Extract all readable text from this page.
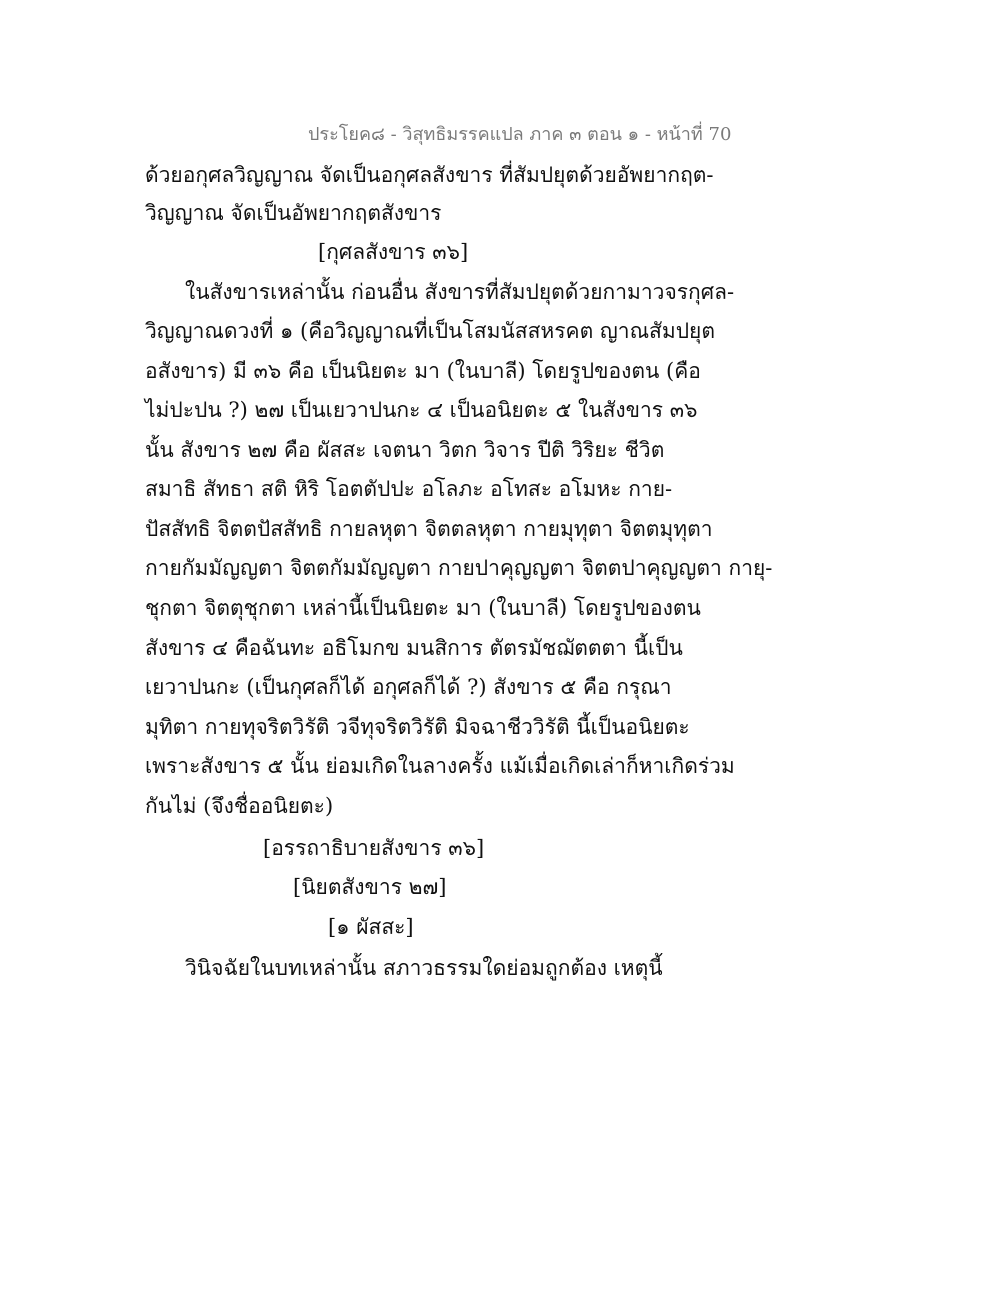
ประโยค๘ - วิสุทธิมรรคแปล ภาค ๓ ตอน ๑ - หน้าที่ 70
ด้วยอกุศลวิญญาณ จัดเป็นอกุศลสังขาร ที่สัมปยุตด้วยอัพยากฤต-
วิญญาณ จัดเป็นอัพยากฤตสังขาร
[กุศลสังขาร ๓๖]
ในสังขารเหล่านั้น ก่อนอื่น สังขารที่สัมปยุตด้วยกามาวจรกุศล-
วิญญาณดวงที่ ๑ (คือวิญญาณที่เป็นโสมนัสสหรคต ญาณสัมปยุต
อสังขาร) มี ๓๖ คือ เป็นนิยตะ มา (ในบาลี) โดยรูปของตน (คือ
ไม่ปะปน ?) ๒๗ เป็นเยวาปนกะ ๔ เป็นอนิยตะ ๕ ในสังขาร ๓๖
นั้น สังขาร ๒๗ คือ ผัสสะ เจตนา วิตก วิจาร ปีติ วิริยะ ชีวิต
สมาธิ สัทธา สติ หิริ โอตตัปปะ อโลภะ อโทสะ อโมหะ กาย-
ปัสสัทธิ จิตตปัสสัทธิ กายลหุตา จิตตลหุตา กายมุทุตา จิตตมุทุตา
กายกัมมัญญตา จิตตกัมมัญญตา กายปาคุญญตา จิตตปาคุญญตา กายุ-
ชุกตา จิตตุชุกตา เหล่านี้เป็นนิยตะ มา (ในบาลี) โดยรูปของตน
สังขาร ๔ คือฉันทะ อธิโมกข มนสิการ ตัตรมัชฌัตตตา นี้เป็น
เยวาปนกะ (เป็นกุศลก็ได้ อกุศลก็ได้ ?) สังขาร ๕ คือ กรุณา
มุทิตา กายทุจริตวิรัติ วจีทุจริตวิรัติ มิจฉาชีววิรัติ นี้เป็นอนิยตะ
เพราะสังขาร ๕ นั้น ย่อมเกิดในลางครั้ง แม้เมื่อเกิดเล่าก็หาเกิดร่วม
กันไม่ (จึงชื่ออนิยตะ)
[อรรถาธิบายสังขาร ๓๖]
[นิยตสังขาร ๒๗]
[๑ ผัสสะ]
วินิจฉัยในบทเหล่านั้น สภาวธรรมใดย่อมถูกต้อง เหตุนี้
